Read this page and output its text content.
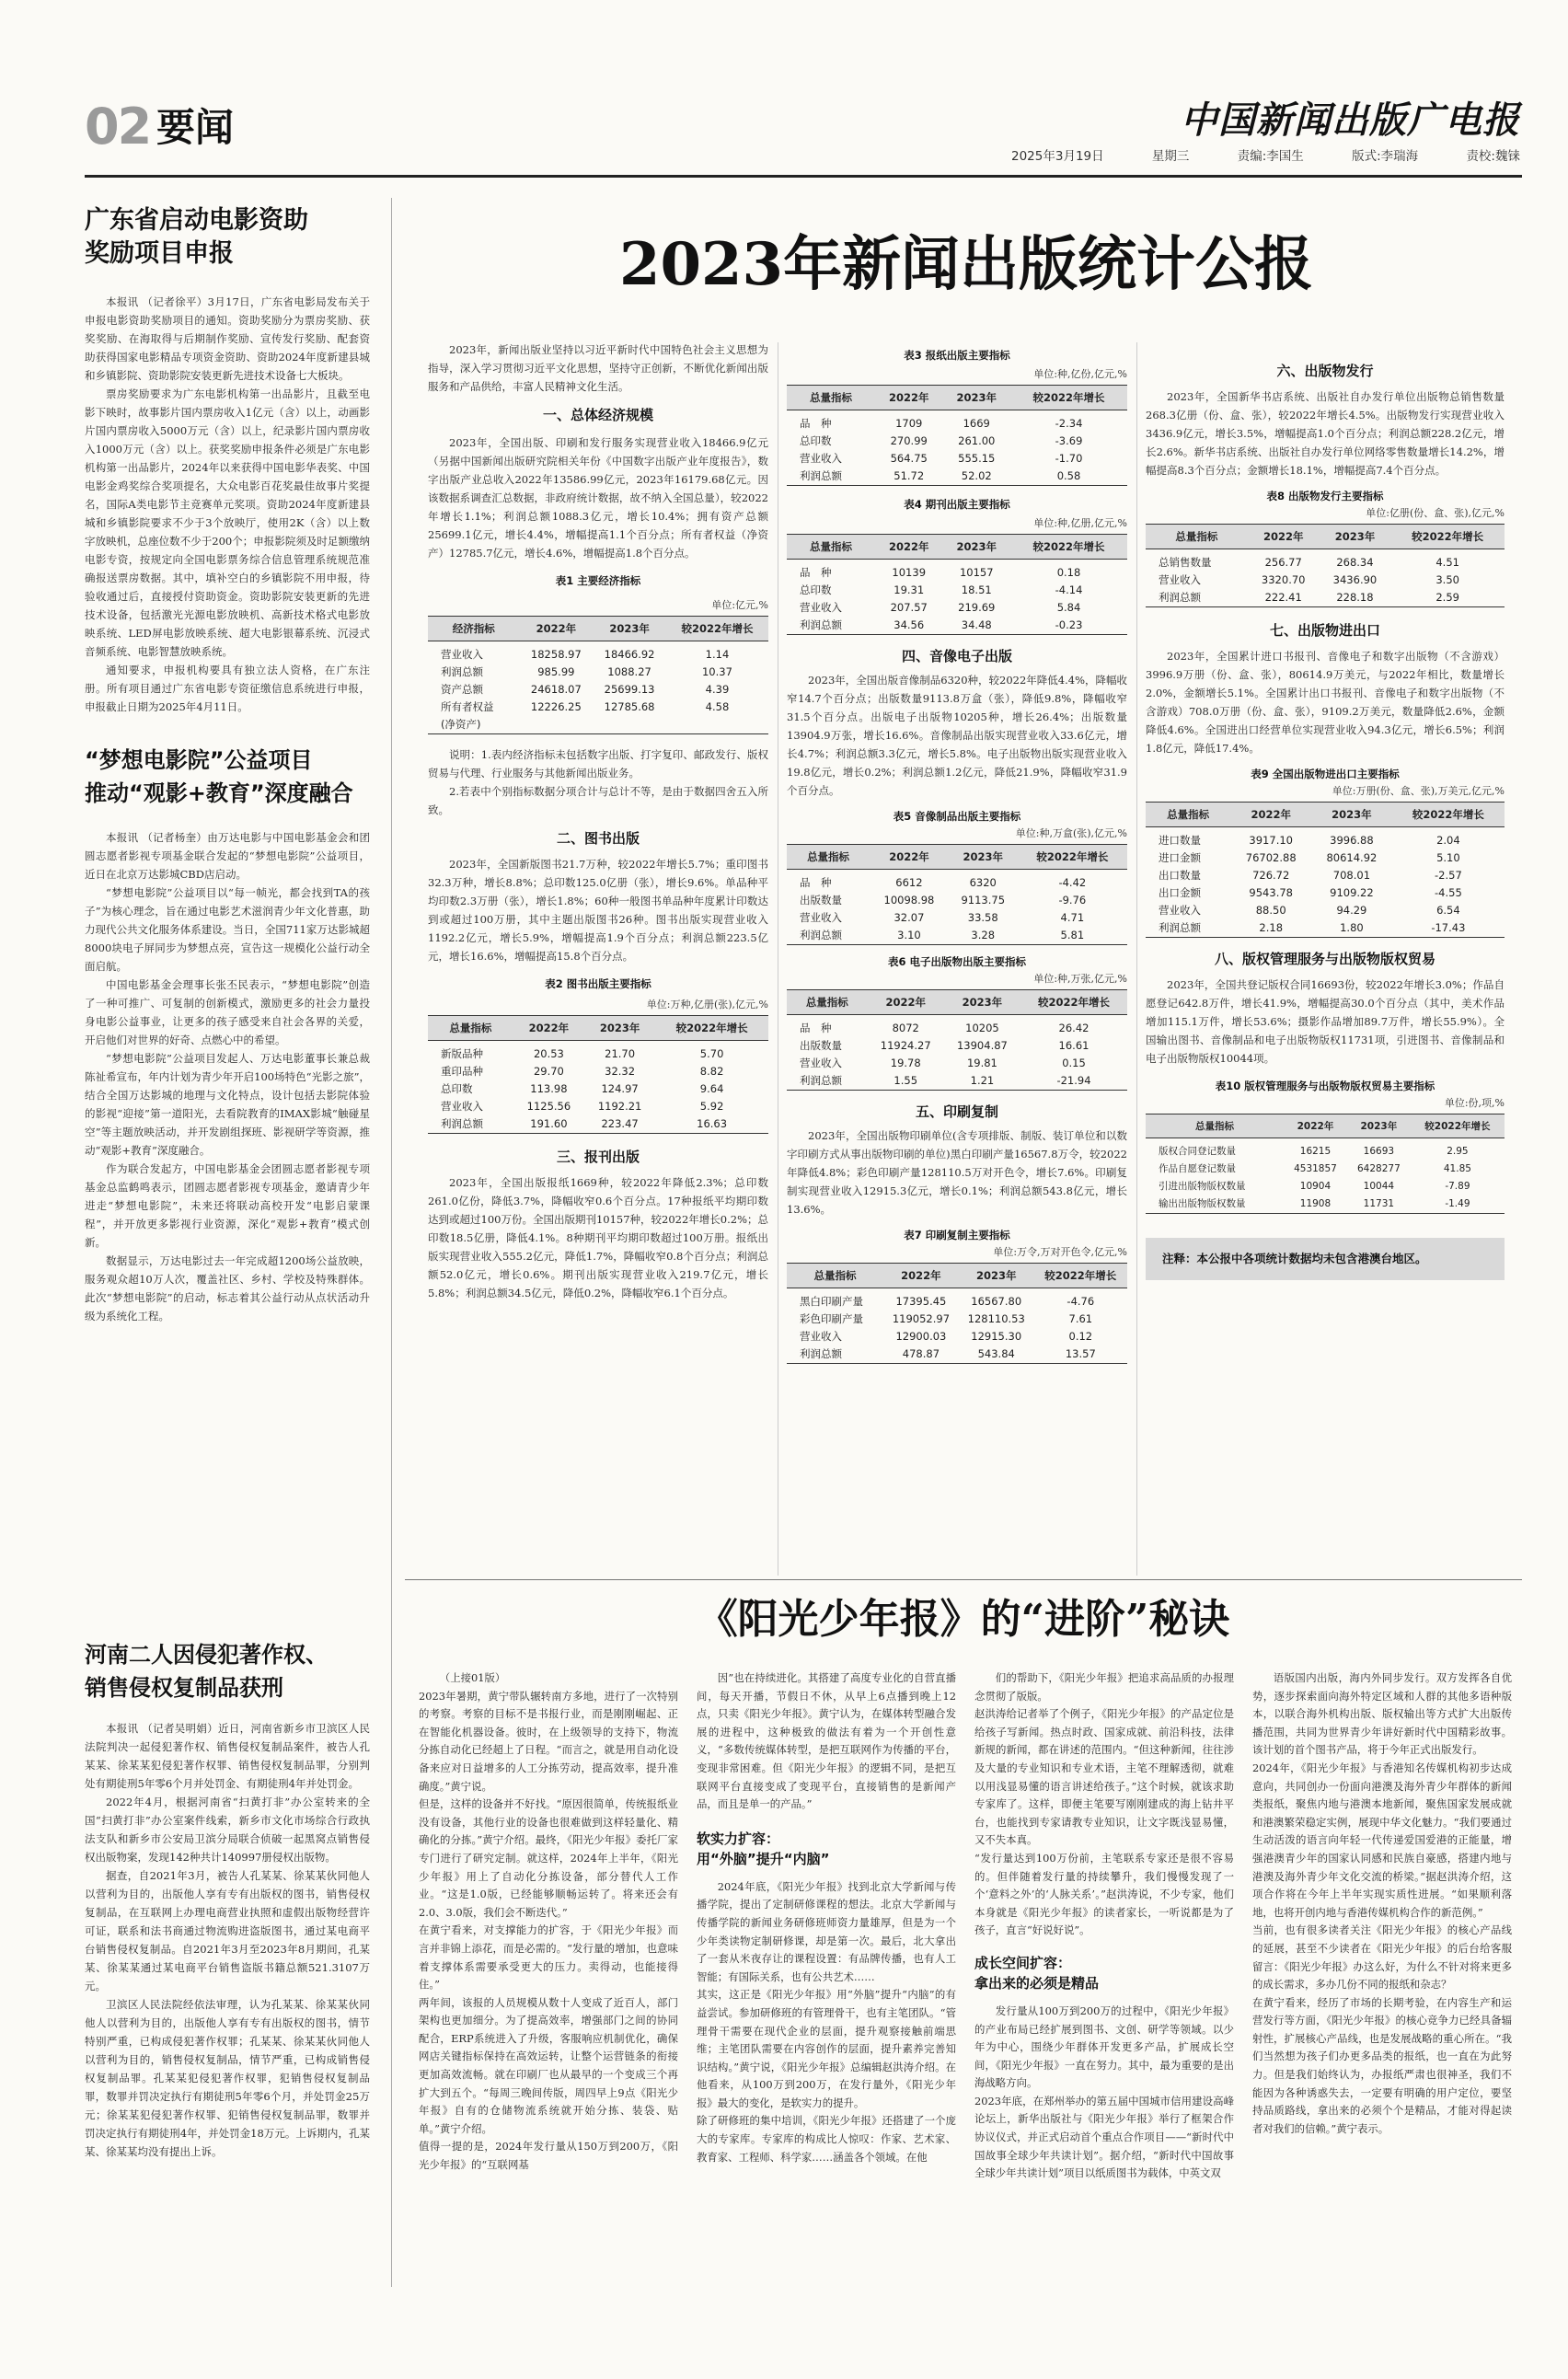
02 要闻	中国新闻出版广电报
2025年3月19日	星期三	责编:李国生	版式:李瑞海	责校:魏铼
广东省启动电影资助
奖励项目申报

本报讯 （记者徐平）3月17日，广东省电影局发布关于申报电影资助奖励项目的通知。资助奖励分为票房奖励、获奖奖励、在海取得与后期制作奖励、宣传发行奖励、配套资助获得国家电影精品专项资金资助、资助2024年度新建县城和乡镇影院、资助影院安装更新先进技术设备七大板块。

票房奖励要求为广东电影机构第一出品影片，且截至电影下映时，故事影片国内票房收入1亿元（含）以上，动画影片国内票房收入5000万元（含）以上，纪录影片国内票房收入1000万元（含）以上。获奖奖励申报条件必须是广东电影机构第一出品影片，2024年以来获得中国电影华表奖、中国电影金鸡奖综合奖项提名，大众电影百花奖最佳故事片奖提名，国际A类电影节主竞赛单元奖项。资助2024年度新建县城和乡镇影院要求不少于3个放映厅，使用2K（含）以上数字放映机，总座位数不少于200个；申报影院须及时足额缴纳电影专资，按规定向全国电影票务综合信息管理系统规范准确报送票房数据。其中，填补空白的乡镇影院不用申报，待验收通过后，直接授付资助资金。资助影院安装更新的先进技术设备，包括激光光源电影放映机、高新技术格式电影放映系统、LED屏电影放映系统、超大电影银幕系统、沉浸式音频系统、电影智慧放映系统。

通知要求，申报机构要具有独立法人资格，在广东注册。所有项目通过广东省电影专资征缴信息系统进行申报，申报截止日期为2025年4月11日。

“梦想电影院”公益项目
推动“观影+教育”深度融合

本报讯 （记者杨奎）由万达电影与中国电影基金会和团圆志愿者影视专项基金联合发起的“梦想电影院”公益项目，近日在北京万达影城CBD店启动。

“梦想电影院”公益项目以“每一帧光，都会找到TA的孩子”为核心理念，旨在通过电影艺术滋润青少年文化普惠，助力现代公共文化服务体系建设。当日，全国711家万达影城超8000块电子屏同步为梦想点亮，宣告这一规模化公益行动全面启航。

中国电影基金会理事长张丕民表示，“梦想电影院”创造了一种可推广、可复制的创新模式，激励更多的社会力量投身电影公益事业，让更多的孩子感受来自社会各界的关爱，开启他们对世界的好奇、点燃心中的希望。

“梦想电影院”公益项目发起人、万达电影董事长兼总裁陈祉希宣布，年内计划为青少年开启100场特色“光影之旅”，结合全国万达影城的地理与文化特点，设计包括去影院体验的影视“迎接”第一道阳光，去看院教育的IMAX影城“触碰星空”等主题放映活动，并开发剧组探班、影视研学等资源，推动“观影+教育”深度融合。

作为联合发起方，中国电影基金会团圆志愿者影视专项基金总监鹤鸣表示，团圆志愿者影视专项基金，邀请青少年进走“梦想电影院”，未来还将联动高校开发“电影启蒙课程”，并开放更多影视行业资源，深化“观影+教育”模式创新。

数据显示，万达电影过去一年完成超1200场公益放映，服务观众超10万人次，覆盖社区、乡村、学校及特殊群体。此次“梦想电影院”的启动，标志着其公益行动从点状活动升级为系统化工程。

河南二人因侵犯著作权、
销售侵权复制品获刑

本报讯 （记者吴明娟）近日，河南省新乡市卫滨区人民法院判决一起侵犯著作权、销售侵权复制品案件，被告人孔某某、徐某某犯侵犯著作权罪、销售侵权复制品罪，分别判处有期徒刑5年零6个月并处罚金、有期徒刑4年并处罚金。

2022年4月，根据河南省“扫黄打非”办公室转来的全国“扫黄打非”办公室案件线索，新乡市文化市场综合行政执法支队和新乡市公安局卫滨分局联合侦破一起黑窝点销售侵权出版物案，发现142种共计140997册侵权出版物。

据查，自2021年3月，被告人孔某某、徐某某伙同他人以营利为目的，出版他人享有专有出版权的图书，销售侵权复制品，在互联网上办理电商营业执照和虚假出版物经营许可证，联系和法书商通过物流购进盗版图书，通过某电商平台销售侵权复制品。自2021年3月至2023年8月期间，孔某某、徐某某通过某电商平台销售盗版书籍总额521.3107万元。

卫滨区人民法院经依法审理，认为孔某某、徐某某伙同他人以营利为目的，出版他人享有专有出版权的图书，情节特别严重，已构成侵犯著作权罪；孔某某、徐某某伙同他人以营利为目的，销售侵权复制品，情节严重，已构成销售侵权复制品罪。孔某某犯侵犯著作权罪，犯销售侵权复制品罪，数罪并罚决定执行有期徒刑5年零6个月，并处罚金25万元；徐某某犯侵犯著作权罪、犯销售侵权复制品罪，数罪并罚决定执行有期徒刑4年，并处罚金18万元。上诉期内，孔某某、徐某某均没有提出上诉。

2023年新闻出版统计公报

2023年，新闻出版业坚持以习近平新时代中国特色社会主义思想为指导，深入学习贯彻习近平文化思想，坚持守正创新，不断优化新闻出版服务和产品供给，丰富人民精神文化生活。

一、总体经济规模

2023年，全国出版、印刷和发行服务实现营业收入18466.9亿元（另据中国新闻出版研究院相关年份《中国数字出版产业年度报告》，数字出版产业总收入2022年13586.99亿元，2023年16179.68亿元。因该数据系调查汇总数据，非政府统计数据，故不纳入全国总量），较2022年增长1.1%；利润总额1088.3亿元，增长10.4%；拥有资产总额25699.1亿元，增长4.4%，增幅提高1.1个百分点；所有者权益（净资产）12785.7亿元，增长4.6%，增幅提高1.8个百分点。

表1 主要经济指标
单位:亿元,%
经济指标	2022年	2023年	较2022年增长
营业收入	18258.97	18466.92	1.14
利润总额	985.99	1088.27	10.37
资产总额	24618.07	25699.13	4.39
所有者权益	12226.25	12785.68	4.58
(净资产)			

说明：1.表内经济指标未包括数字出版、打字复印、邮政发行、版权贸易与代理、行业服务与其他新闻出版业务。

2.若表中个别指标数据分项合计与总计不等，是由于数据四舍五入所致。

二、图书出版

2023年，全国新版图书21.7万种，较2022年增长5.7%；重印图书32.3万种，增长8.8%；总印数125.0亿册（张），增长9.6%。单品种平均印数2.3万册（张），增长1.8%；60种一般图书单品种年度累计印数达到或超过100万册，其中主题出版图书26种。图书出版实现营业收入1192.2亿元，增长5.9%，增幅提高1.9个百分点；利润总额223.5亿元，增长16.6%，增幅提高15.8个百分点。

表2 图书出版主要指标
单位:万种,亿册(张),亿元,%
总量指标	2022年	2023年	较2022年增长
新版品种	20.53	21.70	5.70
重印品种	29.70	32.32	8.82
总印数	113.98	124.97	9.64
营业收入	1125.56	1192.21	5.92
利润总额	191.60	223.47	16.63
三、报刊出版

2023年，全国出版报纸1669种，较2022年降低2.3%；总印数261.0亿份，降低3.7%，降幅收窄0.6个百分点。17种报纸平均期印数达到或超过100万份。全国出版期刊10157种，较2022年增长0.2%；总印数18.5亿册，降低4.1%。8种期刊平均期印数超过100万册。报纸出版实现营业收入555.2亿元，降低1.7%，降幅收窄0.8个百分点；利润总额52.0亿元，增长0.6%。期刊出版实现营业收入219.7亿元，增长5.8%；利润总额34.5亿元，降低0.2%，降幅收窄6.1个百分点。

表3 报纸出版主要指标
单位:种,亿份,亿元,%
总量指标	2022年	2023年	较2022年增长
品　种	1709	1669	-2.34
总印数	270.99	261.00	-3.69
营业收入	564.75	555.15	-1.70
利润总额	51.72	52.02	0.58
表4 期刊出版主要指标
单位:种,亿册,亿元,%
总量指标	2022年	2023年	较2022年增长
品　种	10139	10157	0.18
总印数	19.31	18.51	-4.14
营业收入	207.57	219.69	5.84
利润总额	34.56	34.48	-0.23
四、音像电子出版

2023年，全国出版音像制品6320种，较2022年降低4.4%，降幅收窄14.7个百分点；出版数量9113.8万盒（张），降低9.8%，降幅收窄31.5个百分点。出版电子出版物10205种，增长26.4%；出版数量13904.9万张，增长16.6%。音像制品出版实现营业收入33.6亿元，增长4.7%；利润总额3.3亿元，增长5.8%。电子出版物出版实现营业收入19.8亿元，增长0.2%；利润总额1.2亿元，降低21.9%，降幅收窄31.9个百分点。

表5 音像制品出版主要指标
单位:种,万盒(张),亿元,%
总量指标	2022年	2023年	较2022年增长
品　种	6612	6320	-4.42
出版数量	10098.98	9113.75	-9.76
营业收入	32.07	33.58	4.71
利润总额	3.10	3.28	5.81
表6 电子出版物出版主要指标
单位:种,万张,亿元,%
总量指标	2022年	2023年	较2022年增长
品　种	8072	10205	26.42
出版数量	11924.27	13904.87	16.61
营业收入	19.78	19.81	0.15
利润总额	1.55	1.21	-21.94
五、印刷复制

2023年，全国出版物印刷单位(含专项排版、制版、装订单位和以数字印刷方式从事出版物印刷的单位)黑白印刷产量16567.8万令，较2022年降低4.8%；彩色印刷产量128110.5万对开色令，增长7.6%。印刷复制实现营业收入12915.3亿元，增长0.1%；利润总额543.8亿元，增长13.6%。

表7 印刷复制主要指标
单位:万令,万对开色令,亿元,%
总量指标	2022年	2023年	较2022年增长
黑白印刷产量	17395.45	16567.80	-4.76
彩色印刷产量	119052.97	128110.53	7.61
营业收入	12900.03	12915.30	0.12
利润总额	478.87	543.84	13.57
六、出版物发行

2023年，全国新华书店系统、出版社自办发行单位出版物总销售数量268.3亿册（份、盒、张），较2022年增长4.5%。出版物发行实现营业收入3436.9亿元，增长3.5%，增幅提高1.0个百分点；利润总额228.2亿元，增长2.6%。新华书店系统、出版社自办发行单位网络零售数量增长14.2%，增幅提高8.3个百分点；金额增长18.1%，增幅提高7.4个百分点。

表8 出版物发行主要指标
单位:亿册(份、盒、张),亿元,%
总量指标	2022年	2023年	较2022年增长
总销售数量	256.77	268.34	4.51
营业收入	3320.70	3436.90	3.50
利润总额	222.41	228.18	2.59
七、出版物进出口

2023年，全国累计进口书报刊、音像电子和数字出版物（不含游戏）3996.9万册（份、盒、张），80614.9万美元，与2022年相比，数量增长2.0%，金额增长5.1%。全国累计出口书报刊、音像电子和数字出版物（不含游戏）708.0万册（份、盒、张），9109.2万美元，数量降低2.6%，金额降低4.6%。全国进出口经营单位实现营业收入94.3亿元，增长6.5%；利润1.8亿元，降低17.4%。

表9 全国出版物进出口主要指标
单位:万册(份、盒、张),万美元,亿元,%
总量指标	2022年	2023年	较2022年增长
进口数量	3917.10	3996.88	2.04
进口金额	76702.88	80614.92	5.10
出口数量	726.72	708.01	-2.57
出口金额	9543.78	9109.22	-4.55
营业收入	88.50	94.29	6.54
利润总额	2.18	1.80	-17.43
八、版权管理服务与出版物版权贸易

2023年，全国共登记版权合同16693份，较2022年增长3.0%；作品自愿登记642.8万件，增长41.9%，增幅提高30.0个百分点（其中，美术作品增加115.1万件，增长53.6%；摄影作品增加89.7万件，增长55.9%）。全国输出图书、音像制品和电子出版物版权11731项，引进图书、音像制品和电子出版物版权10044项。

表10 版权管理服务与出版物版权贸易主要指标
单位:份,项,%
总量指标	2022年	2023年	较2022年增长
版权合同登记数量	16215	16693	2.95
作品自愿登记数量	4531857	6428277	41.85
引进出版物版权数量	10904	10044	-7.89
输出出版物版权数量	11908	11731	-1.49
注释：本公报中各项统计数据均未包含港澳台地区。
《阳光少年报》的“进阶”秘诀

（上接01版）
2023年暑期，黄宁带队辗转南方多地，进行了一次特别的考察。考察的目标不是书报行业，而是刚刚崛起、正在智能化机器设备。彼时，在上级领导的支持下，物流分拣自动化已经超上了日程。“而言之，就是用自动化设备来应对日益增多的人工分拣劳动，提高效率，提升准确度。”黄宁说。
但是，这样的设备并不好找。“原因很简单，传统报纸业没有设备，其他行业的设备也很难做到这样轻量化、精确化的分拣。”黄宁介绍。最终，《阳光少年报》委托厂家专门进行了研究定制。就这样，2024年上半年，《阳光少年报》用上了自动化分拣设备，部分替代人工作业。“这是1.0版，已经能够顺畅运转了。将来还会有2.0、3.0版，我们会不断迭代。”
在黄宁看来，对支撑能力的扩容，于《阳光少年报》而言并非锦上添花，而是必需的。“发行量的增加，也意味着支撑体系需要承受更大的压力。卖得动，也能接得住。”
两年间，该报的人员规模从数十人变成了近百人，部门架构也更加细分。为了提高效率，增强部门之间的协同配合，ERP系统进入了升级，客服响应机制优化，确保网店关键指标保持在高效运转，让整个运营链条的衔接更加高效流畅。就在印刷厂也从最早的一个变成三个再扩大到五个。“每周三晚间传版，周四早上9点《阳光少年报》自有的仓储物流系统就开始分拣、装袋、贴单。”黄宁介绍。
值得一提的是，2024年发行量从150万到200万，《阳光少年报》的“互联网基

因”也在持续进化。其搭建了高度专业化的自营直播间，每天开播，节假日不休，从早上6点播到晚上12点，只卖《阳光少年报》。黄宁认为，在媒体转型融合发展的进程中，这种极致的做法有着为一个开创性意义，“多数传统媒体转型，是把互联网作为传播的平台，变现非常困难。但《阳光少年报》的逻辑不同，是把互联网平台直接变成了变现平台，直接销售的是新闻产品，而且是单一的产品。”

软实力扩容：
用“外脑”提升“内脑”

2024年底，《阳光少年报》找到北京大学新闻与传播学院，提出了定制研修课程的想法。北京大学新闻与传播学院的新闻业务研修班师资力量雄厚，但是为一个少年类读物定制研修课，却是第一次。最后，北大拿出了一套从米夜存让的课程设置：有品牌传播，也有人工智能；有国际关系，也有公共艺术……
其实，这正是《阳光少年报》用“外脑”提升“内脑”的有益尝试。参加研修班的有管理骨干，也有主笔团队。“管理骨干需要在现代企业的层面，提升观察接触前端思维；主笔团队需要在内容创作的层面，提升素养完善知识结构。”黄宁说，《阳光少年报》总编辑赵洪涛介绍。在他看来，从100万到200万，在发行量外，《阳光少年报》最大的变化，是软实力的提升。
除了研修班的集中培训，《阳光少年报》还搭建了一个庞大的专家库。专家库的构成比人惊叹：作家、艺术家、教育家、工程师、科学家……涵盖各个领域。在他

们的帮助下，《阳光少年报》把追求高品质的办报理念贯彻了版版。
赵洪涛给记者举了个例子，《阳光少年报》的产品定位是给孩子写新闻。热点时政、国家成就、前沿科技，法律新规的新闻，都在讲述的范围内。“但这种新闻，往往涉及大量的专业知识和专业术语，主笔不理解透彻，就难以用浅显易懂的语言讲述给孩子。”这个时候，就该求助专家库了。这样，即便主笔要写刚刚建成的海上钻井平台，也能找到专家请教专业知识，让文字既浅显易懂，又不失本真。
“发行量达到100万份前，主笔联系专家还是很不容易的。但伴随着发行量的持续攀升，我们慢慢发现了一个‘意料之外’的‘人脉关系’。”赵洪涛说，不少专家，他们本身就是《阳光少年报》的读者家长，一听说都是为了孩子，直言“好说好说”。

成长空间扩容：
拿出来的必须是精品

发行量从100万到200万的过程中，《阳光少年报》的产业布局已经扩展到图书、文创、研学等领域。以少年为中心，围绕少年群体开发更多产品，扩展成长空间，《阳光少年报》一直在努力。其中，最为重要的是出海战略方向。
2023年底，在郑州举办的第五届中国城市信用建设高峰论坛上，新华出版社与《阳光少年报》举行了框架合作协议仪式，并正式启动首个重点合作项目——“新时代中国故事全球少年共读计划”。据介绍，“新时代中国故事全球少年共读计划”项目以纸质图书为载体，中英文双

语版国内出版，海内外同步发行。双方发挥各自优势，逐步探索面向海外特定区域和人群的其他多语种版本，以联合海外机构出版、版权输出等方式扩大出版传播范围，共同为世界青少年讲好新时代中国精彩故事。该计划的首个图书产品，将于今年正式出版发行。
2024年，《阳光少年报》与香港知名传媒机构初步达成意向，共同创办一份面向港澳及海外青少年群体的新闻类报纸，聚焦内地与港澳本地新闻，聚焦国家发展成就和港澳繁荣稳定实例，展现中华文化魅力。“我们要通过生动活泼的语言向年轻一代传递爱国爱港的正能量，增强港澳青少年的国家认同感和民族自豪感，搭建内地与港澳及海外青少年文化交流的桥梁。”据赵洪涛介绍，这项合作将在今年上半年实现实质性进展。“如果顺利落地，也将开创内地与香港传媒机构合作的新范例。”
当前，也有很多读者关注《阳光少年报》的核心产品线的延展，甚至不少读者在《阳光少年报》的后台给客服留言：《阳光少年报》办这么好，为什么不针对将来更多的成长需求，多办几份不同的报纸和杂志？
在黄宁看来，经历了市场的长期考验，在内容生产和运营发行等方面，《阳光少年报》的核心竞争力已经具备辐射性，扩展核心产品线，也是发展战略的重心所在。“我们当然想为孩子们办更多品类的报纸，也一直在为此努力。但是我们始终认为，办报纸严肃也很神圣，我们不能因为各种诱惑失去，一定要有明确的用户定位，要坚持品质路线，拿出来的必须个个是精品，才能对得起读者对我们的信赖。”黄宁表示。
